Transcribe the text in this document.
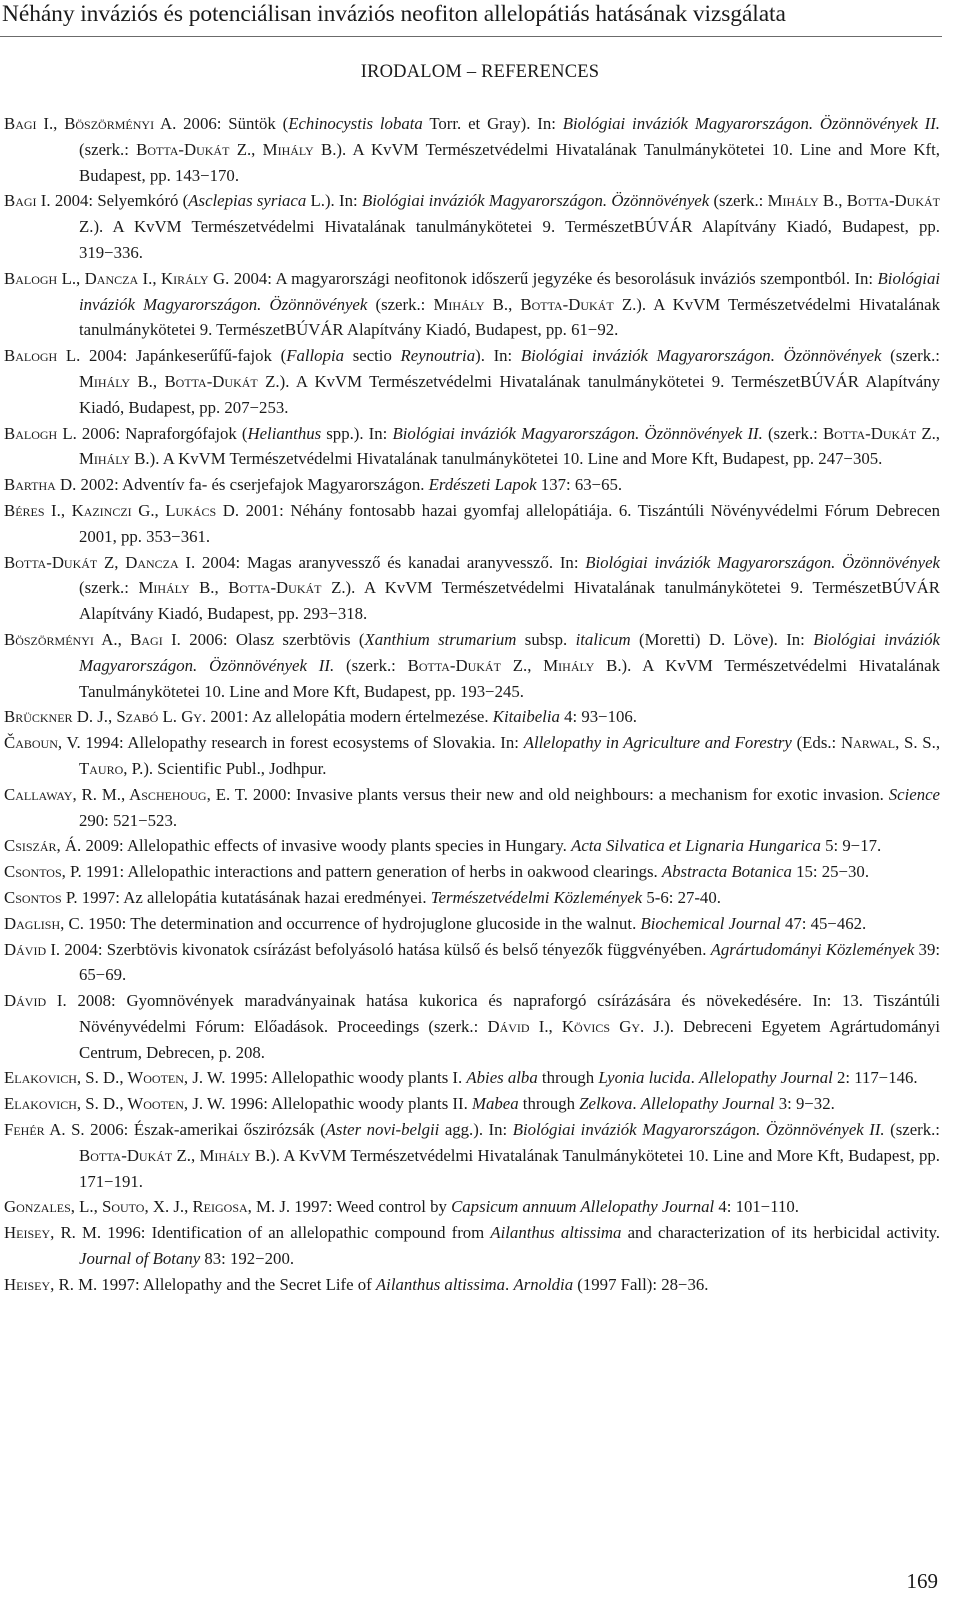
Néhány inváziós és potenciálisan inváziós neofiton allelopátiás hatásának vizsgálata
IRODALOM – REFERENCES

Bagi I., Böszörményi A. 2006: Süntök (Echinocystis lobata Torr. et Gray). In: Biológiai inváziók Magyarországon. Özönnövények II. (szerk.: Botta-Dukát Z., Mihály B.). A KvVM Természetvédelmi Hivatalának Tanulmánykötetei 10. Line and More Kft, Budapest, pp. 143−170.

Bagi I. 2004: Selyemkóró (Asclepias syriaca L.). In: Biológiai inváziók Magyarországon. Özönnövények (szerk.: Mihály B., Botta-Dukát Z.). A KvVM Természetvédelmi Hivatalának tanulmánykötetei 9. TermészetBÚVÁR Alapítvány Kiadó, Budapest, pp. 319−336.

Balogh L., Dancza I., Király G. 2004: A magyarországi neofitonok időszerű jegyzéke és besorolásuk inváziós szempontból. In: Biológiai inváziók Magyarországon. Özönnövények (szerk.: Mihály B., Botta-Dukát Z.). A KvVM Természetvédelmi Hivatalának tanulmánykötetei 9. TermészetBÚVÁR Alapítvány Kiadó, Budapest, pp. 61−92.

Balogh L. 2004: Japánkeserűfű-fajok (Fallopia sectio Reynoutria). In: Biológiai inváziók Magyarországon. Özönnövények (szerk.: Mihály B., Botta-Dukát Z.). A KvVM Természetvédelmi Hivatalának tanulmánykötetei 9. TermészetBÚVÁR Alapítvány Kiadó, Budapest, pp. 207−253.

Balogh L. 2006: Napraforgófajok (Helianthus spp.). In: Biológiai inváziók Magyarországon. Özönnövények II. (szerk.: Botta-Dukát Z., Mihály B.). A KvVM Természetvédelmi Hivatalának tanulmánykötetei 10. Line and More Kft, Budapest, pp. 247−305.

Bartha D. 2002: Adventív fa- és cserjefajok Magyarországon. Erdészeti Lapok 137: 63−65.

Béres I., Kazinczi G., Lukács D. 2001: Néhány fontosabb hazai gyomfaj allelopátiája. 6. Tiszántúli Növényvédelmi Fórum Debrecen 2001, pp. 353−361.

Botta-Dukát Z, Dancza I. 2004: Magas aranyvessző és kanadai aranyvessző. In: Biológiai inváziók Magyarországon. Özönnövények (szerk.: Mihály B., Botta-Dukát Z.). A KvVM Természetvédelmi Hivatalának tanulmánykötetei 9. TermészetBÚVÁR Alapítvány Kiadó, Budapest, pp. 293−318.

Böszörményi A., Bagi I. 2006: Olasz szerbtövis (Xanthium strumarium subsp. italicum (Moretti) D. Löve). In: Biológiai inváziók Magyarországon. Özönnövények II. (szerk.: Botta-Dukát Z., Mihály B.). A KvVM Természetvédelmi Hivatalának Tanulmánykötetei 10. Line and More Kft, Budapest, pp. 193−245.

Brückner D. J., Szabó L. Gy. 2001: Az allelopátia modern értelmezése. Kitaibelia 4: 93−106.

Čaboun, V. 1994: Allelopathy research in forest ecosystems of Slovakia. In: Allelopathy in Agriculture and Forestry (Eds.: Narwal, S. S., Tauro, P.). Scientific Publ., Jodhpur.

Callaway, R. M., Aschehoug, E. T. 2000: Invasive plants versus their new and old neighbours: a mechanism for exotic invasion. Science 290: 521−523.

Csiszár, Á. 2009: Allelopathic effects of invasive woody plants species in Hungary. Acta Silvatica et Lignaria Hungarica 5: 9−17.

Csontos, P. 1991: Allelopathic interactions and pattern generation of herbs in oakwood clearings. Abstracta Botanica 15: 25−30.

Csontos P. 1997: Az allelopátia kutatásának hazai eredményei. Természetvédelmi Közlemények 5-6: 27-40.

Daglish, C. 1950: The determination and occurrence of hydrojuglone glucoside in the walnut. Biochemical Journal 47: 45−462.

Dávid I. 2004: Szerbtövis kivonatok csírázást befolyásoló hatása külső és belső tényezők függvényében. Agrártudományi Közlemények 39: 65−69.

Dávid I. 2008: Gyomnövények maradványainak hatása kukorica és napraforgó csírázására és növekedésére. In: 13. Tiszántúli Növényvédelmi Fórum: Előadások. Proceedings (szerk.: Dávid I., Kövics Gy. J.). Debreceni Egyetem Agrártudományi Centrum, Debrecen, p. 208.

Elakovich, S. D., Wooten, J. W. 1995: Allelopathic woody plants I. Abies alba through Lyonia lucida. Allelopathy Journal 2: 117−146.

Elakovich, S. D., Wooten, J. W. 1996: Allelopathic woody plants II. Mabea through Zelkova. Allelopathy Journal 3: 9−32.

Fehér A. S. 2006: Észak-amerikai őszirózsák (Aster novi-belgii agg.). In: Biológiai inváziók Magyarországon. Özönnövények II. (szerk.: Botta-Dukát Z., Mihály B.). A KvVM Természetvédelmi Hivatalának Tanulmánykötetei 10. Line and More Kft, Budapest, pp. 171−191.

Gonzales, L., Souto, X. J., Reigosa, M. J. 1997: Weed control by Capsicum annuum Allelopathy Journal 4: 101−110.

Heisey, R. M. 1996: Identification of an allelopathic compound from Ailanthus altissima and characterization of its herbicidal activity. Journal of Botany 83: 192−200.

Heisey, R. M. 1997: Allelopathy and the Secret Life of Ailanthus altissima. Arnoldia (1997 Fall): 28−36.

169
